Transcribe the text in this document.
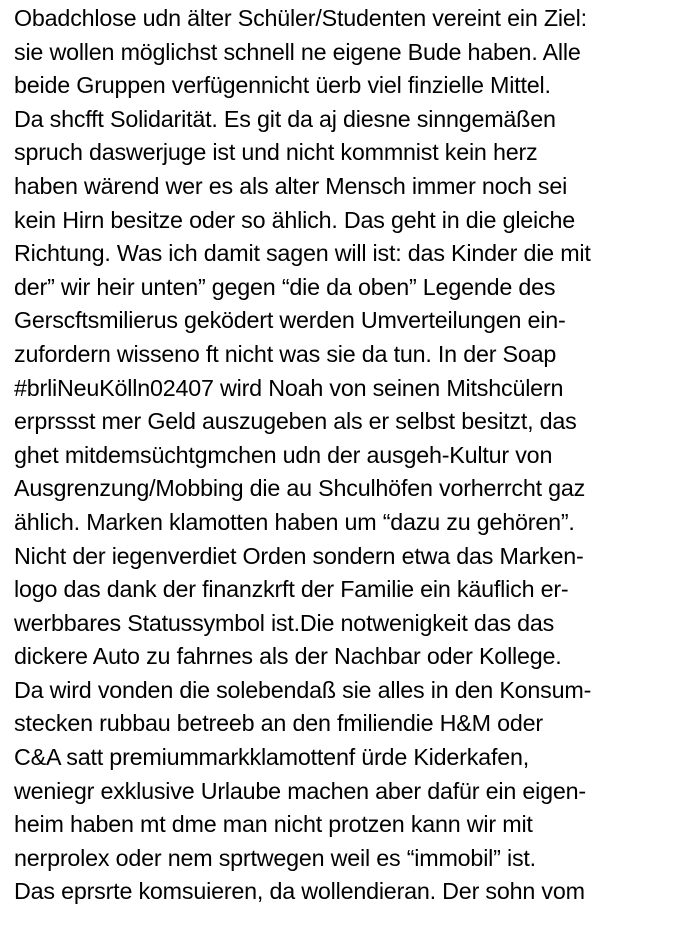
Obadchlose udn älter Schüler/Studenten vereint ein Ziel:
sie wollen möglichst schnell ne eigene Bude haben. Alle
beide Gruppen verfügennicht üerb viel finzielle Mittel.
Da shcfft Solidarität. Es git da aj diesne sinngemäßen
spruch daswerjuge ist und nicht kommnist kein herz
haben wärend wer es als alter Mensch immer noch sei
kein Hirn besitze oder so ählich. Das geht in die gleiche
Richtung. Was ich damit sagen will ist: das Kinder die mit
der” wir heir unten” gegen “die da oben” Legende des
Gerscftsmilierus geködert werden Umverteilungen ein-
zufordern wisseno ft nicht was sie da tun. In der Soap
#brliNeuKölln02407 wird Noah von seinen Mitshcülern
erprssst mer Geld auszugeben als er selbst besitzt, das
ghet mitdemsüchtgmchen udn der ausgeh-Kultur von
Ausgrenzung/Mobbing die au Shculhöfen vorherrcht gaz
ählich. Marken klamotten haben um “dazu zu gehören”.
Nicht der iegenverdiet Orden sondern etwa das Marken-
logo das dank der finanzkrft der Familie ein käuflich er-
werbbares Statussymbol ist.Die notwenigkeit das das
dickere Auto zu fahrnes als der Nachbar oder Kollege.
Da wird vonden die solebendaß sie alles in den Konsum-
stecken rubbau betreeb an den fmiliendie H&M oder
C&A satt premiummarkklamottenf ürde Kiderkafen,
weniegr exklusive Urlaube machen aber dafür ein eigen-
heim haben mt dme man nicht protzen kann wir mit
nerprolex oder nem sprtwegen weil es “immobil” ist.
Das eprsrte komsuieren, da wollendieran. Der sohn vom
